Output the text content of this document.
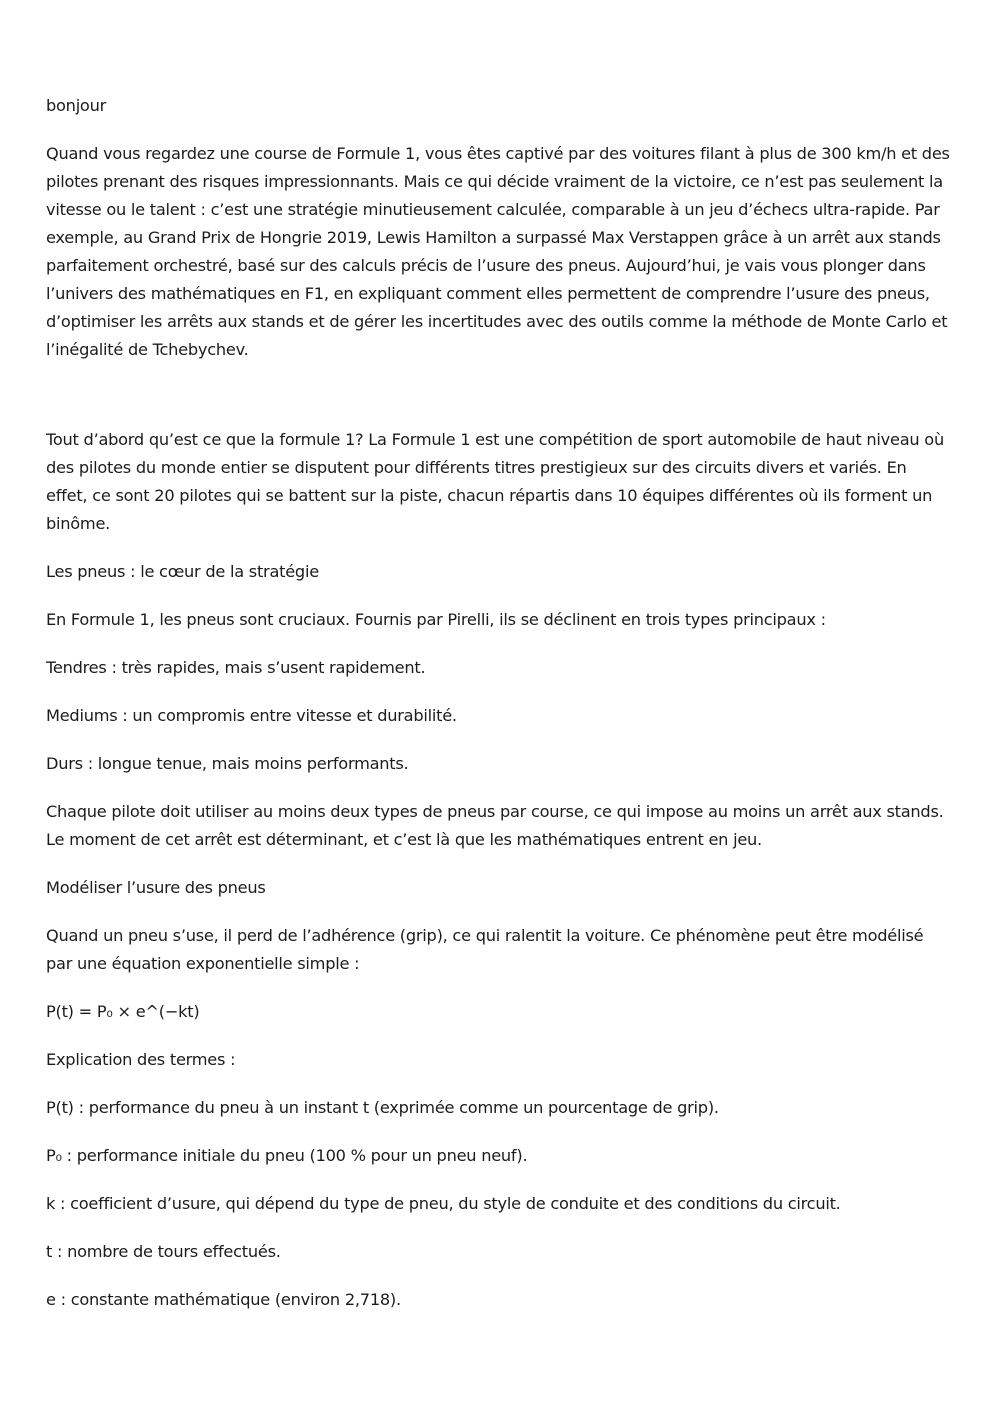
bonjour

Quand vous regardez une course de Formule 1, vous êtes captivé par des voitures filant à plus de 300 km/h et des pilotes prenant des risques impressionnants. Mais ce qui décide vraiment de la victoire, ce n’est pas seulement la vitesse ou le talent : c’est une stratégie minutieusement calculée, comparable à un jeu d’échecs ultra-rapide. Par exemple, au Grand Prix de Hongrie 2019, Lewis Hamilton a surpassé Max Verstappen grâce à un arrêt aux stands parfaitement orchestré, basé sur des calculs précis de l’usure des pneus. Aujourd’hui, je vais vous plonger dans l’univers des mathématiques en F1, en expliquant comment elles permettent de comprendre l’usure des pneus, d’optimiser les arrêts aux stands et de gérer les incertitudes avec des outils comme la méthode de Monte Carlo et l’inégalité de Tchebychev.

Tout d’abord qu’est ce que la formule 1? La Formule 1 est une compétition de sport automobile de haut niveau où des pilotes du monde entier se disputent pour différents titres prestigieux sur des circuits divers et variés. En effet, ce sont 20 pilotes qui se battent sur la piste, chacun répartis dans 10 équipes différentes où ils forment un binôme.

Les pneus : le cœur de la stratégie

En Formule 1, les pneus sont cruciaux. Fournis par Pirelli, ils se déclinent en trois types principaux :

Tendres : très rapides, mais s’usent rapidement.

Mediums : un compromis entre vitesse et durabilité.

Durs : longue tenue, mais moins performants.

Chaque pilote doit utiliser au moins deux types de pneus par course, ce qui impose au moins un arrêt aux stands. Le moment de cet arrêt est déterminant, et c’est là que les mathématiques entrent en jeu.

Modéliser l’usure des pneus

Quand un pneu s’use, il perd de l’adhérence (grip), ce qui ralentit la voiture. Ce phénomène peut être modélisé par une équation exponentielle simple :

P(t) = P₀ × e^(−kt)

Explication des termes :

P(t) : performance du pneu à un instant t (exprimée comme un pourcentage de grip).

P₀ : performance initiale du pneu (100 % pour un pneu neuf).

k : coefficient d’usure, qui dépend du type de pneu, du style de conduite et des conditions du circuit.

t : nombre de tours effectués.

e : constante mathématique (environ 2,718).
